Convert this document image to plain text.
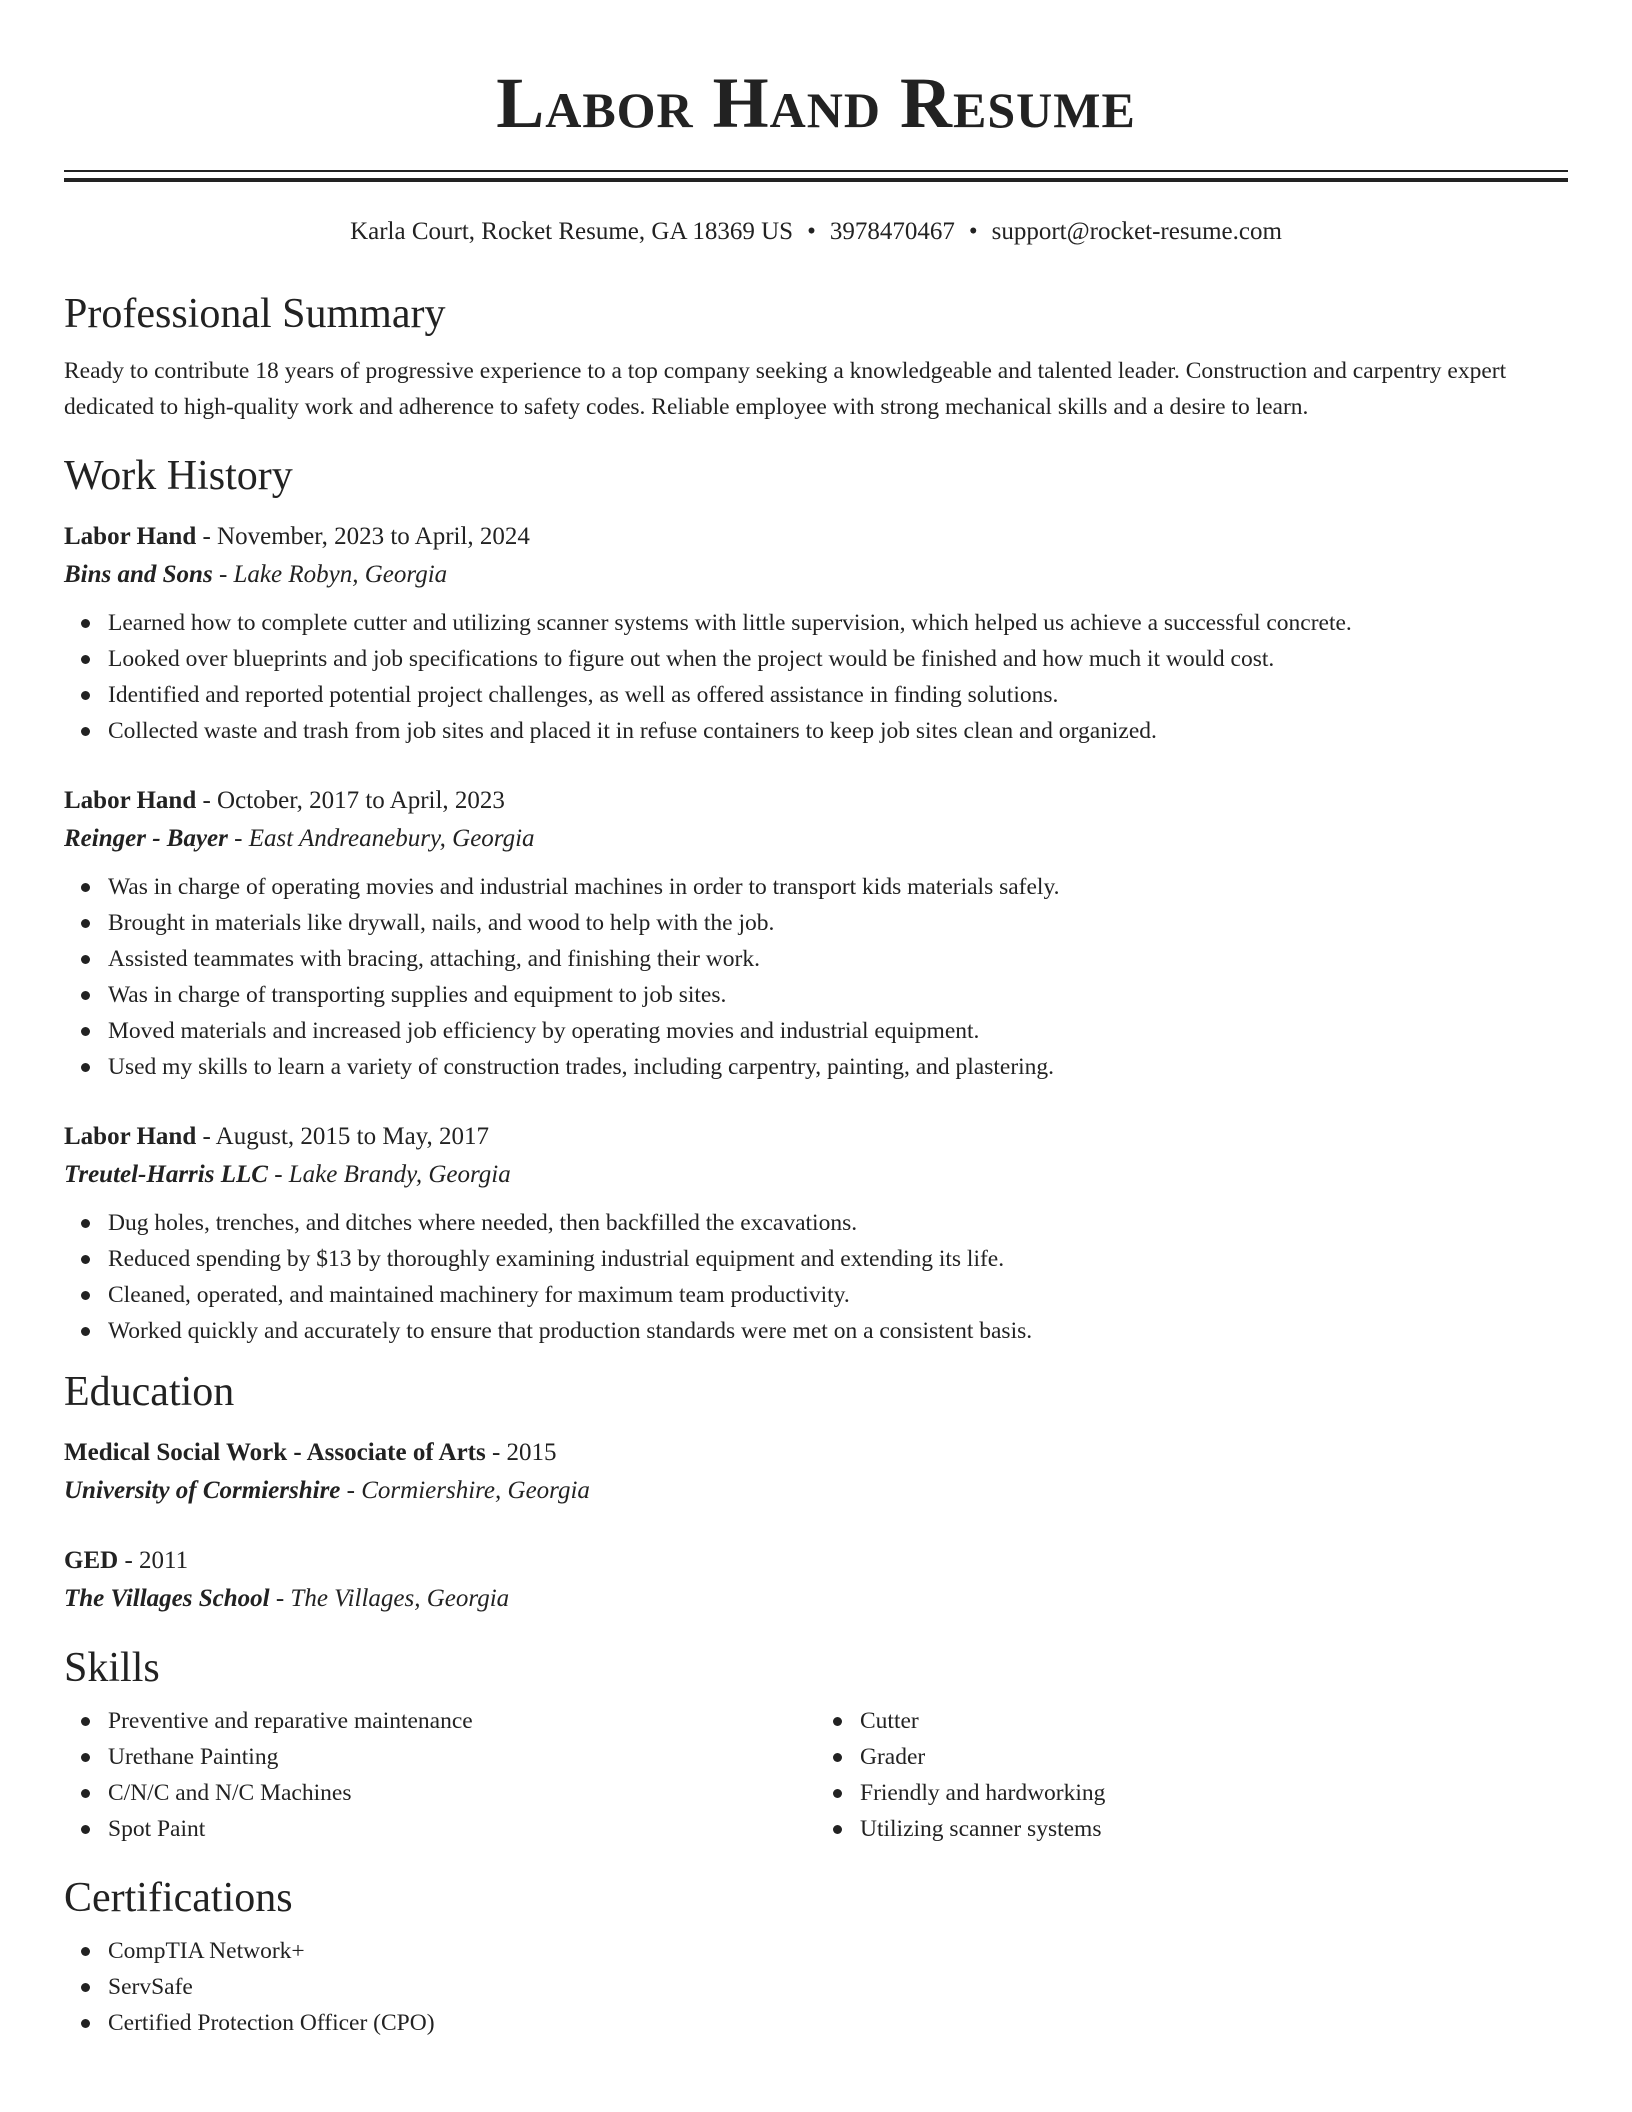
Labor Hand Resume
Karla Court, Rocket Resume, GA 18369 US • 3978470467 • support@rocket-resume.com
Professional Summary
Ready to contribute 18 years of progressive experience to a top company seeking a knowledgeable and talented leader. Construction and carpentry expert dedicated to high-quality work and adherence to safety codes. Reliable employee with strong mechanical skills and a desire to learn.
Work History
Labor Hand - November, 2023 to April, 2024
Bins and Sons - Lake Robyn, Georgia
Learned how to complete cutter and utilizing scanner systems with little supervision, which helped us achieve a successful concrete.
Looked over blueprints and job specifications to figure out when the project would be finished and how much it would cost.
Identified and reported potential project challenges, as well as offered assistance in finding solutions.
Collected waste and trash from job sites and placed it in refuse containers to keep job sites clean and organized.
Labor Hand - October, 2017 to April, 2023
Reinger - Bayer - East Andreanebury, Georgia
Was in charge of operating movies and industrial machines in order to transport kids materials safely.
Brought in materials like drywall, nails, and wood to help with the job.
Assisted teammates with bracing, attaching, and finishing their work.
Was in charge of transporting supplies and equipment to job sites.
Moved materials and increased job efficiency by operating movies and industrial equipment.
Used my skills to learn a variety of construction trades, including carpentry, painting, and plastering.
Labor Hand - August, 2015 to May, 2017
Treutel-Harris LLC - Lake Brandy, Georgia
Dug holes, trenches, and ditches where needed, then backfilled the excavations.
Reduced spending by $13 by thoroughly examining industrial equipment and extending its life.
Cleaned, operated, and maintained machinery for maximum team productivity.
Worked quickly and accurately to ensure that production standards were met on a consistent basis.
Education
Medical Social Work - Associate of Arts - 2015
University of Cormiershire - Cormiershire, Georgia
GED - 2011
The Villages School - The Villages, Georgia
Skills
Preventive and reparative maintenance
Urethane Painting
C/N/C and N/C Machines
Spot Paint
Cutter
Grader
Friendly and hardworking
Utilizing scanner systems
Certifications
CompTIA Network+
ServSafe
Certified Protection Officer (CPO)
